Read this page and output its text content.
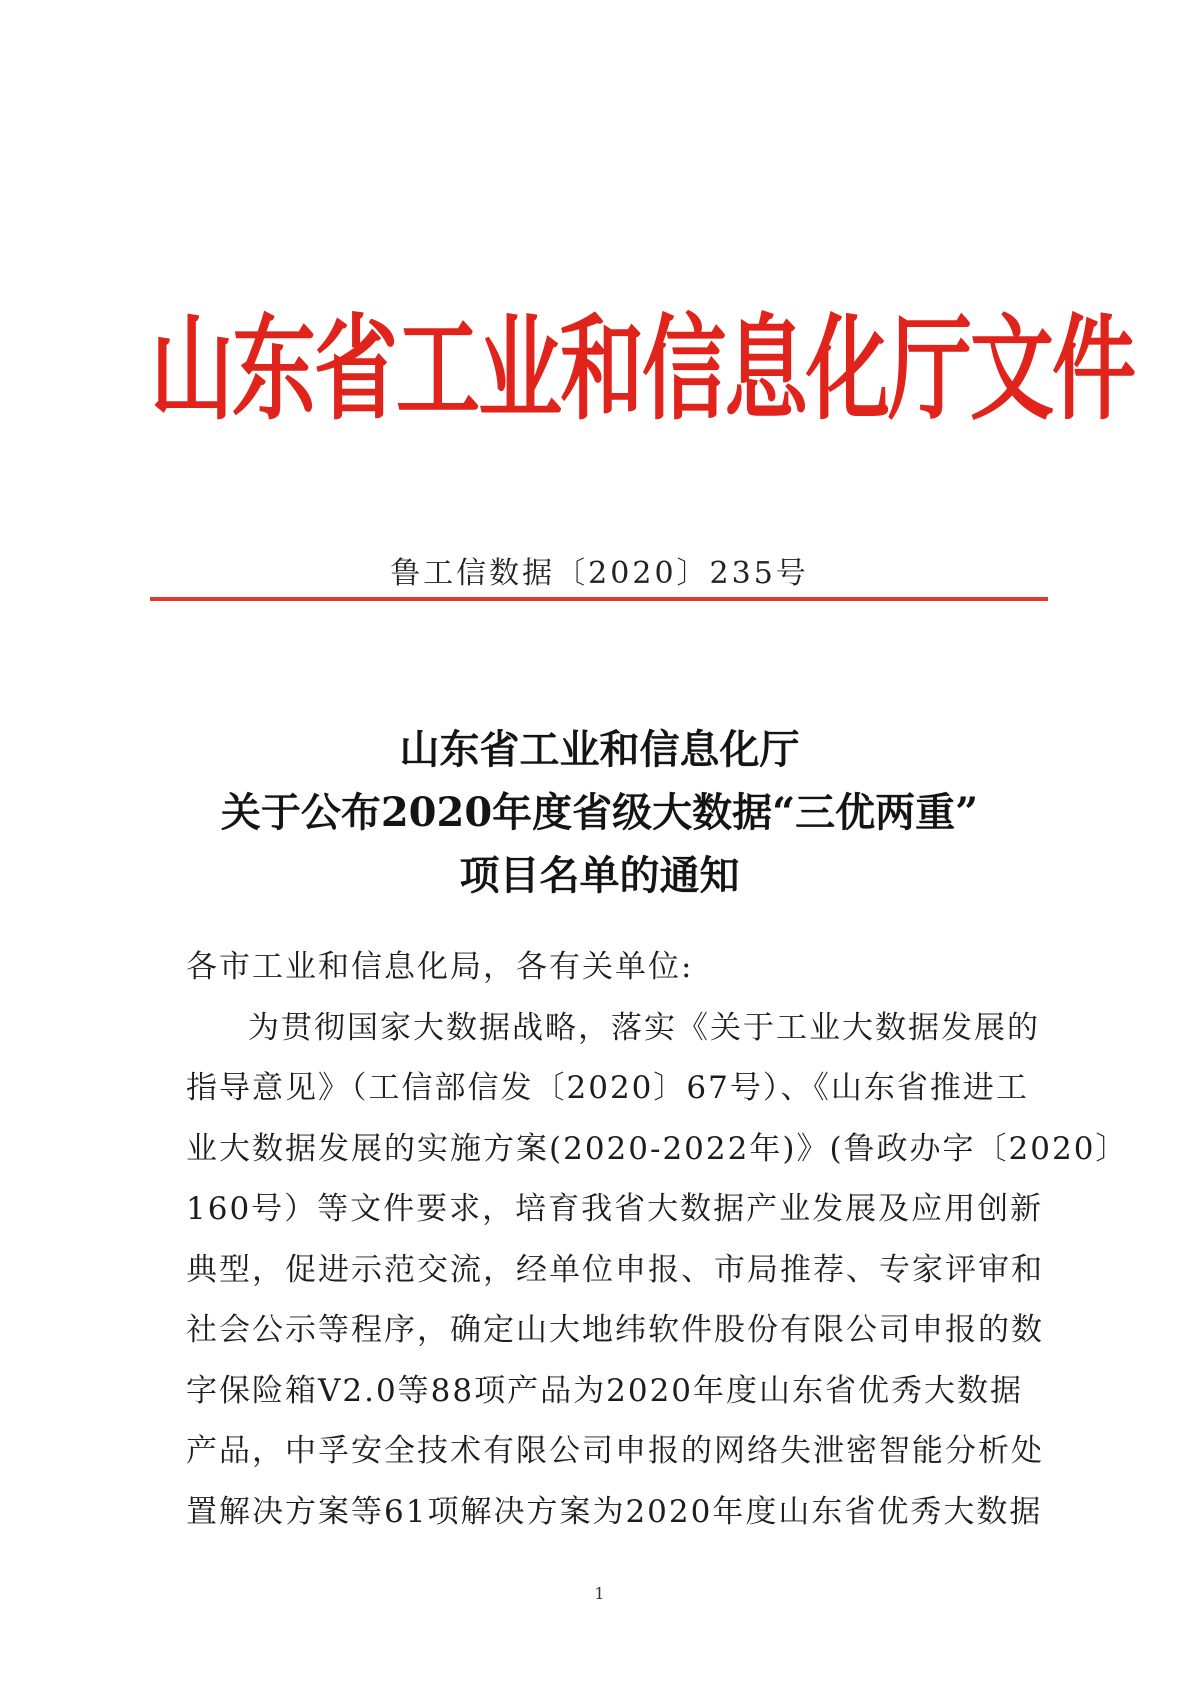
山东省工业和信息化厅文件
鲁工信数据〔2020〕235号
山东省工业和信息化厅
关于公布2020年度省级大数据“三优两重”
项目名单的通知
各市工业和信息化局，各有关单位:
为贯彻国家大数据战略，落实《关于工业大数据发展的
指导意见》（工信部信发〔2020〕67号）、《山东省推进工
业大数据发展的实施方案(2020-2022年)》(鲁政办字〔2020〕
160号）等文件要求，培育我省大数据产业发展及应用创新
典型，促进示范交流，经单位申报、市局推荐、专家评审和
社会公示等程序，确定山大地纬软件股份有限公司申报的数
字保险箱V2.0等88项产品为2020年度山东省优秀大数据
产品，中孚安全技术有限公司申报的网络失泄密智能分析处
置解决方案等61项解决方案为2020年度山东省优秀大数据
1
